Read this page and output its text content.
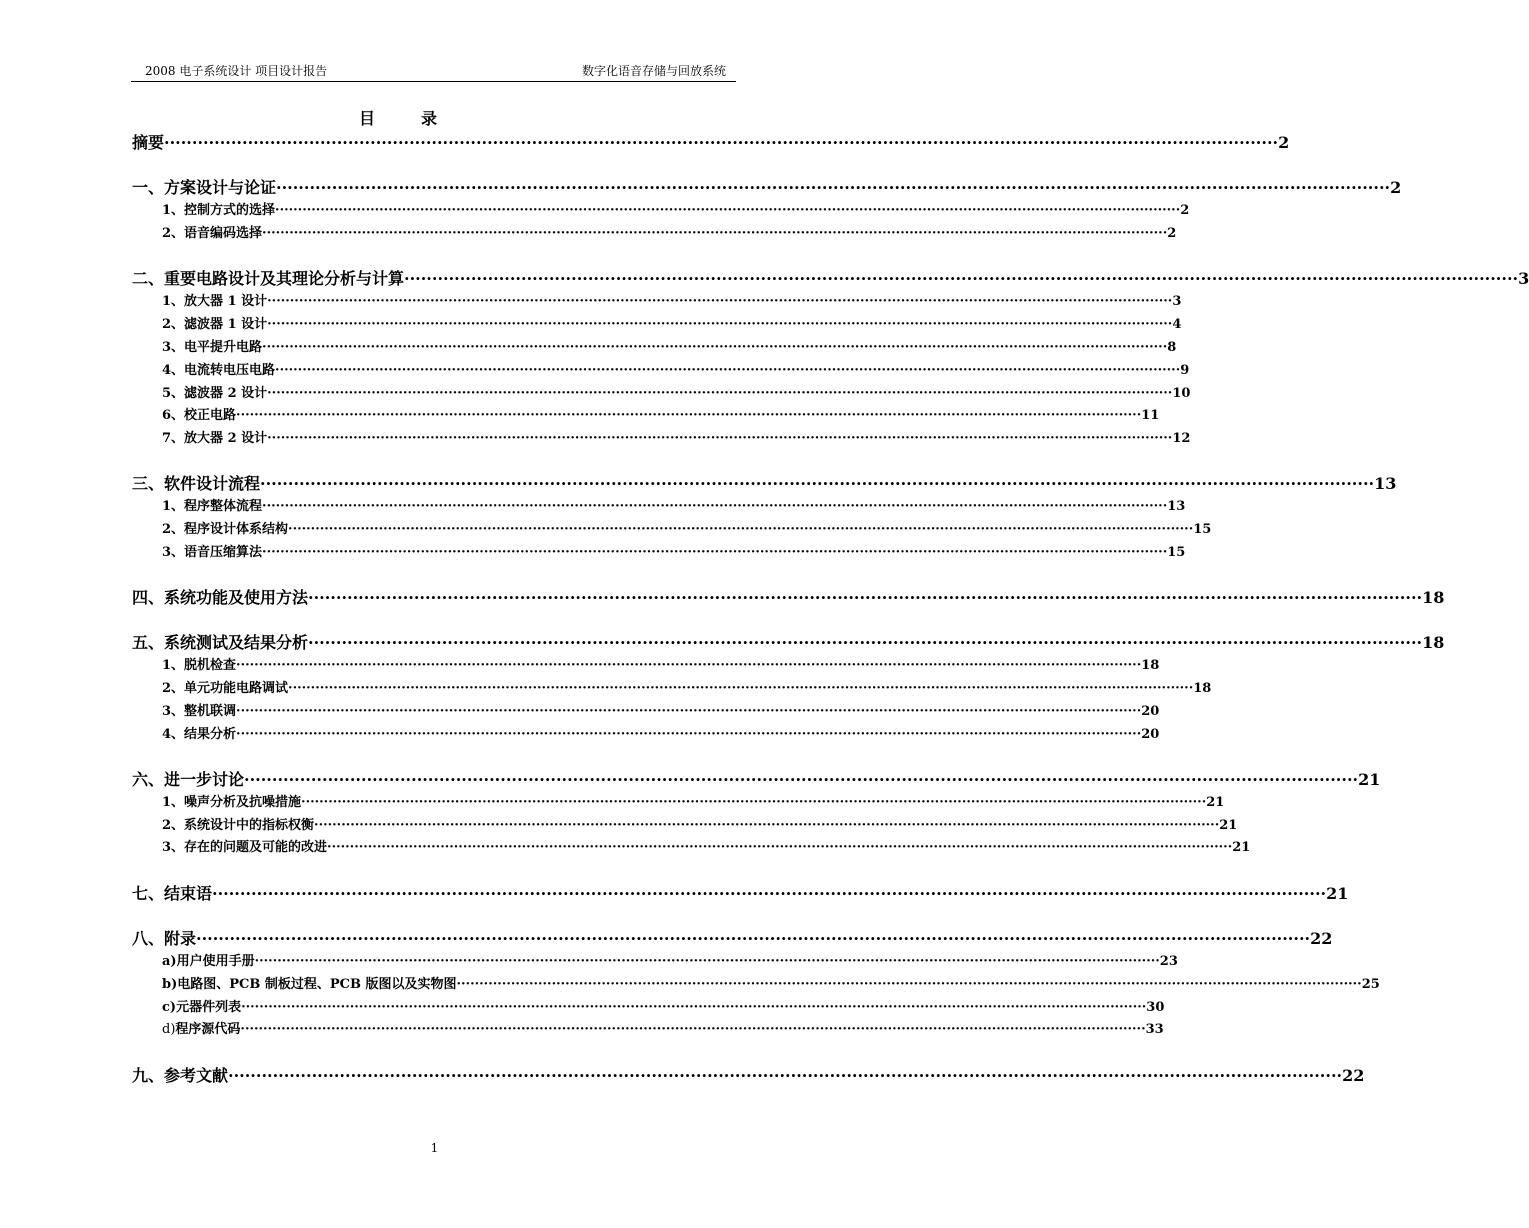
2008 电子系统设计 项目设计报告	数字化语音存储与回放系统
目	录
摘要 ········································································································································································································ 2
一、方案设计与论证 ········································································································································································································ 2
1、控制方式的选择 ········································································································································································································ 2
2、语音编码选择 ········································································································································································································ 2
二、重要电路设计及其理论分析与计算 ········································································································································································································ 3
1、放大器 1 设计 ········································································································································································································ 3
2、滤波器 1 设计 ········································································································································································································ 4
3、电平提升电路 ········································································································································································································ 8
4、电流转电压电路 ········································································································································································································ 9
5、滤波器 2 设计 ········································································································································································································ 10
6、校正电路 ········································································································································································································ 11
7、放大器 2 设计 ········································································································································································································ 12
三、软件设计流程 ········································································································································································································ 13
1、程序整体流程 ········································································································································································································ 13
2、程序设计体系结构 ········································································································································································································ 15
3、语音压缩算法 ········································································································································································································ 15
四、系统功能及使用方法 ········································································································································································································ 18
五、系统测试及结果分析 ········································································································································································································ 18
1、脱机检查 ········································································································································································································ 18
2、单元功能电路调试 ········································································································································································································ 18
3、整机联调 ········································································································································································································ 20
4、结果分析 ········································································································································································································ 20
六、进一步讨论 ········································································································································································································ 21
1、噪声分析及抗噪措施 ········································································································································································································ 21
2、系统设计中的指标权衡 ········································································································································································································ 21
3、存在的问题及可能的改进 ········································································································································································································ 21
七、结束语 ········································································································································································································ 21
八、附录 ········································································································································································································ 22
a) 用户使用手册 ········································································································································································································ 23
b) 电路图、PCB 制板过程、PCB 版图以及实物图 ········································································································································································································ 25
c) 元器件列表 ········································································································································································································ 30
d) 程序源代码 ········································································································································································································ 33
九、参考文献 ········································································································································································································ 22
1
